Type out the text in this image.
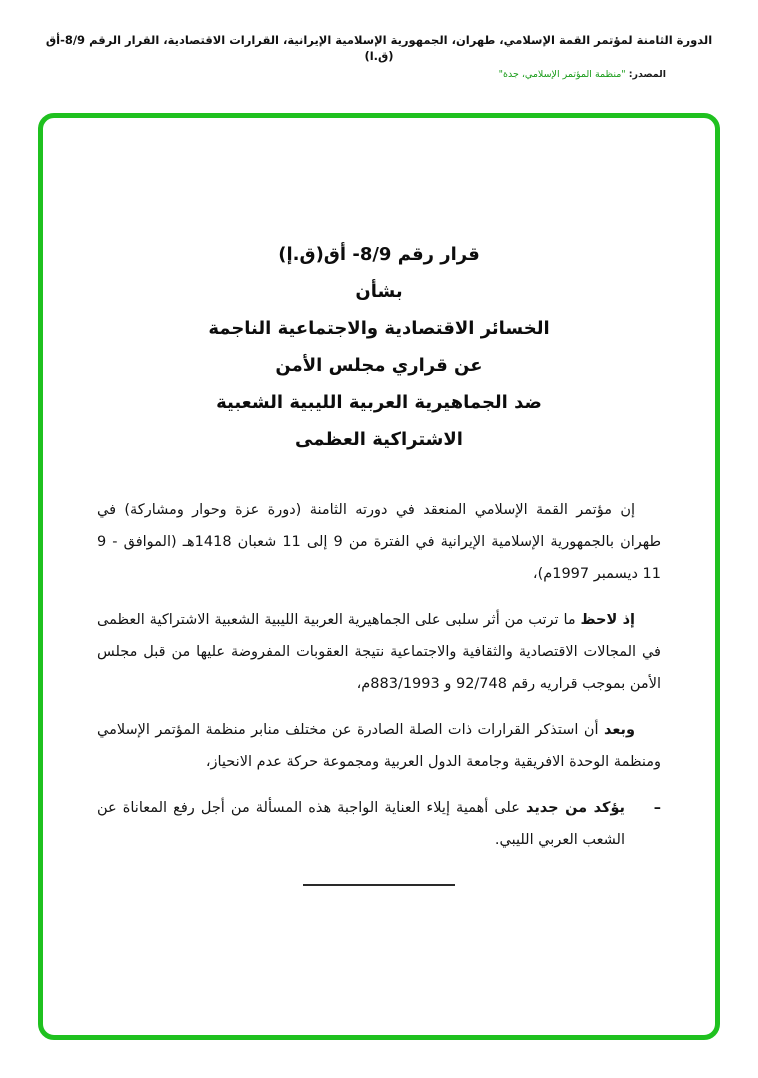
الدورة الثامنة لمؤتمر القمة الإسلامي، طهران، الجمهورية الإسلامية الإيرانية، القرارات الاقتصادية، القرار الرقم 8/9-أق (ق.ا)
المصدر: "منظمة المؤتمر الإسلامي، جدة"
قرار رقم 8/9- أق(ق.إ)
بشأن
الخسائر الاقتصادية والاجتماعية الناجمة
عن قراري مجلس الأمن
ضد الجماهيرية العربية الليبية الشعبية
الاشتراكية العظمى

إن مؤتمر القمة الإسلامي المنعقد في دورته الثامنة (دورة عزة وحوار ومشاركة) في طهران بالجمهورية الإسلامية الإيرانية في الفترة من 9 إلى 11 شعبان 1418هـ (الموافق ‪9 - 11‬ ديسمبر 1997م)،

إذ لاحظ ما ترتب من أثر سلبى على الجماهيرية العربية الليبية الشعبية الاشتراكية العظمى في المجالات الاقتصادية والثقافية والاجتماعية نتيجة العقوبات المفروضة عليها من قبل مجلس الأمن بموجب قراريه رقم 92/748 و 883/1993م،

وبعد أن استذكر القرارات ذات الصلة الصادرة عن مختلف منابر منظمة المؤتمر الإسلامي ومنظمة الوحدة الافريقية وجامعة الدول العربية ومجموعة حركة عدم الانحياز،

–

يؤكد من جديد على أهمية إيلاء العناية الواجبة هذه المسألة من أجل رفع المعاناة عن الشعب العربي الليبي.
